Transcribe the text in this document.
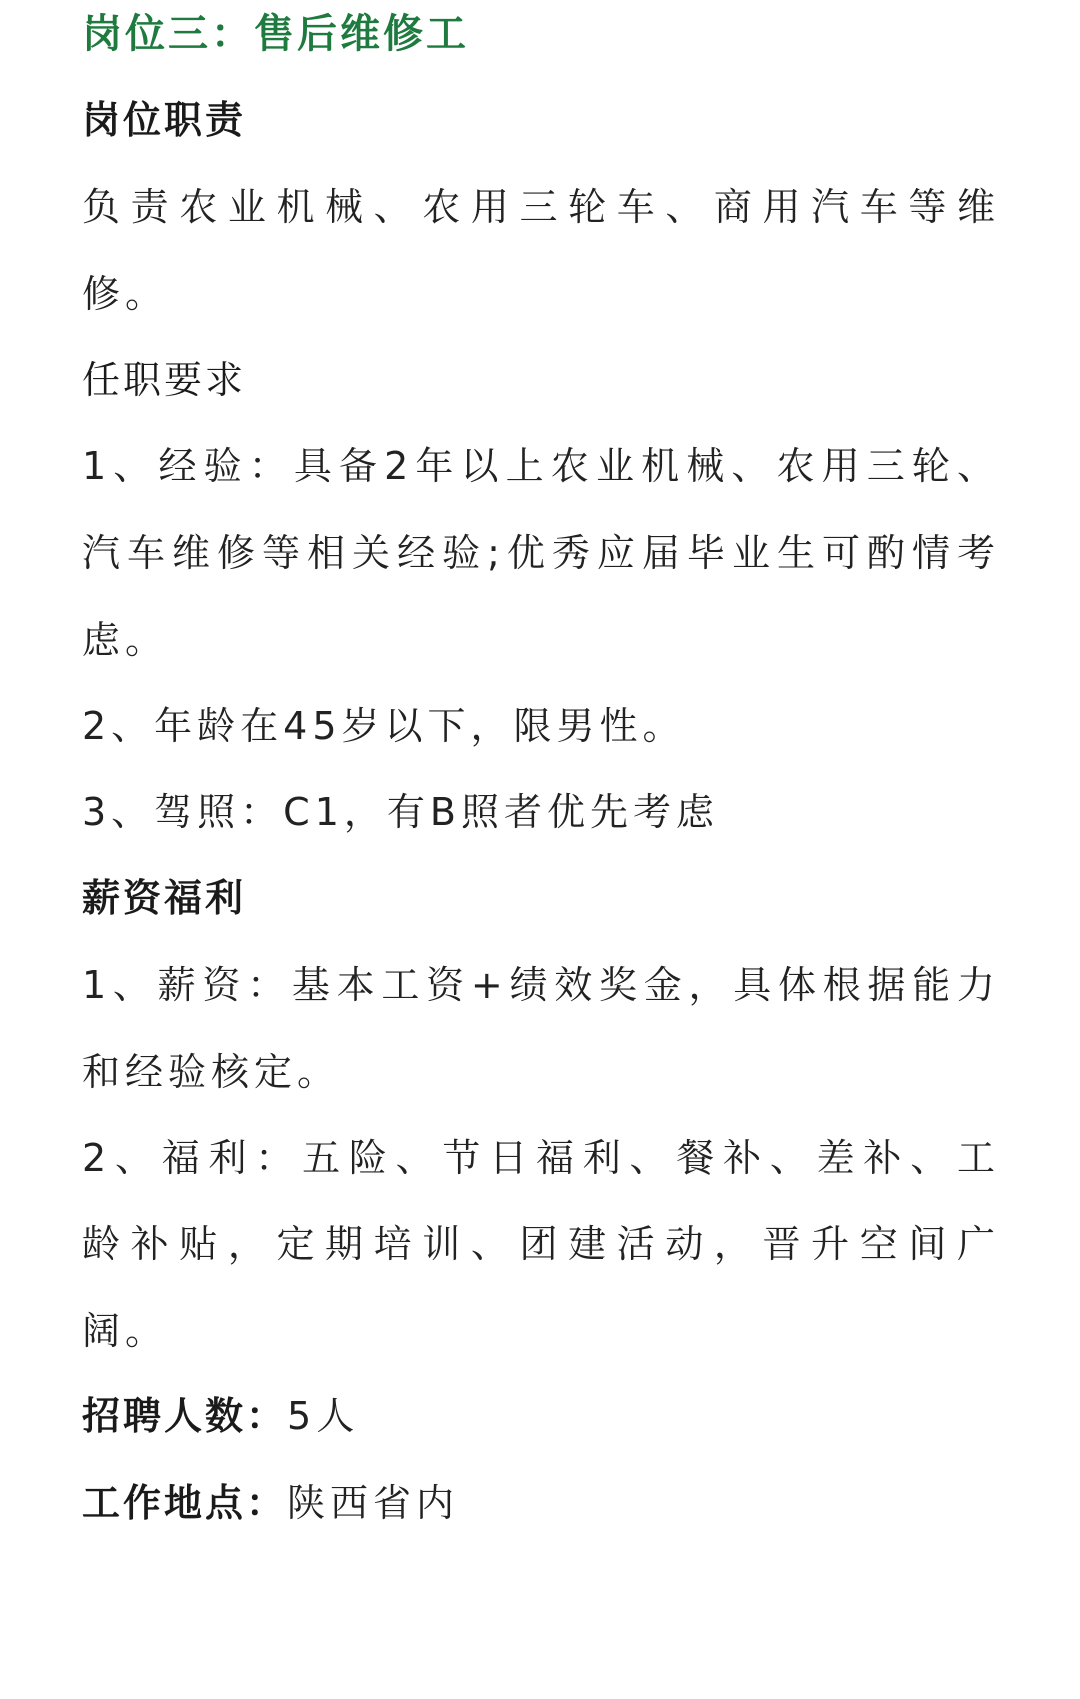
岗位三：售后维修工
岗位职责
负责农业机械、农用三轮车、商用汽车等维
修。
任职要求
1、经验：具备2年以上农业机械、农用三轮、
汽车维修等相关经验;优秀应届毕业生可酌情考
虑。
2、年龄在45岁以下，限男性。
3、驾照：C1，有B照者优先考虑
薪资福利
1、薪资：基本工资+绩效奖金，具体根据能力
和经验核定。
2、福利：五险、节日福利、餐补、差补、工
龄补贴，定期培训、团建活动，晋升空间广
阔。
招聘人数：5人
工作地点：陕西省内
